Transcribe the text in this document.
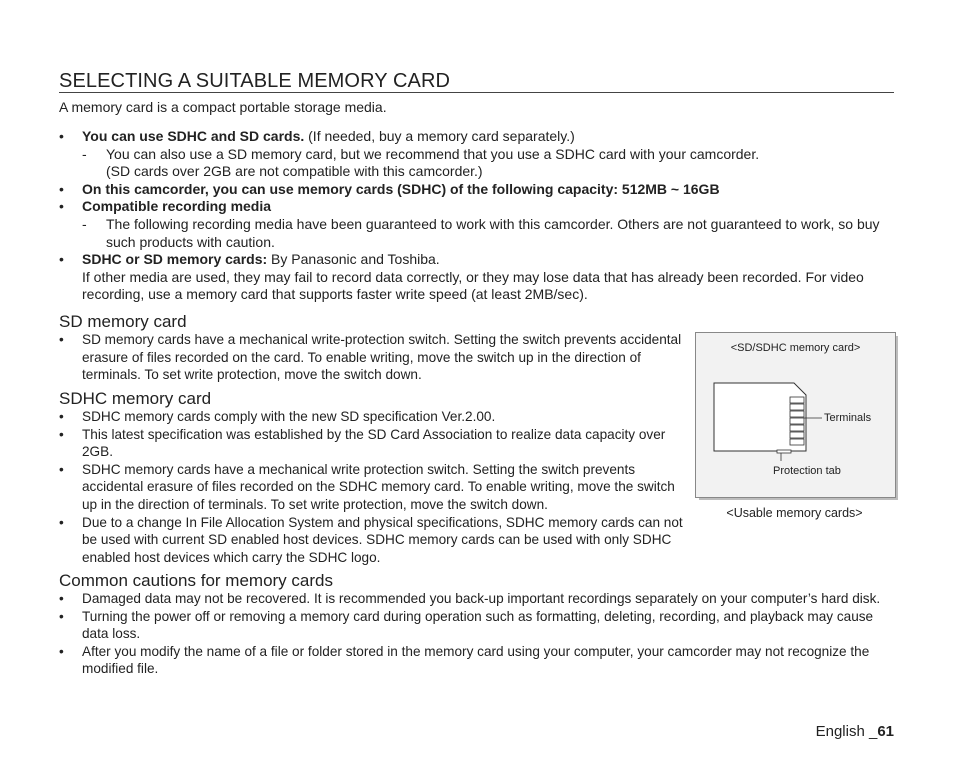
SELECTING A SUITABLE MEMORY CARD

A memory card is a compact portable storage media.

• You can use SDHC and SD cards. (If needed, buy a memory card separately.)
- You can also use a SD memory card, but we recommend that you use a SDHC card with your camcorder.
(SD cards over 2GB are not compatible with this camcorder.)
• On this camcorder, you can use memory cards (SDHC) of the following capacity: 512MB ~ 16GB
• Compatible recording media
- The following recording media have been guaranteed to work with this camcorder. Others are not guaranteed to work, so buy such products with caution.
• SDHC or SD memory cards: By Panasonic and Toshiba.
If other media are used, they may fail to record data correctly, or they may lose data that has already been recorded. For video recording, use a memory card that supports faster write speed (at least 2MB/sec).
SD memory card
• SD memory cards have a mechanical write-protection switch. Setting the switch prevents accidental erasure of files recorded on the card. To enable writing, move the switch up in the direction of terminals. To set write protection, move the switch down.
SDHC memory card
• SDHC memory cards comply with the new SD specification Ver.2.00.
• This latest specification was established by the SD Card Association to realize data capacity over 2GB.
• SDHC memory cards have a mechanical write protection switch. Setting the switch prevents accidental erasure of files recorded on the SDHC memory card. To enable writing, move the switch up in the direction of terminals. To set write protection, move the switch down.
• Due to a change In File Allocation System and physical specifications, SDHC memory cards can not be used with current SD enabled host devices. SDHC memory cards can be used with only SDHC enabled host devices which carry the SDHC logo.
<SD/SDHC memory card>
Terminals
Protection tab
<Usable memory cards>
Common cautions for memory cards
• Damaged data may not be recovered. It is recommended you back-up important recordings separately on your computer’s hard disk.
• Turning the power off or removing a memory card during operation such as formatting, deleting, recording, and playback may cause data loss.
• After you modify the name of a file or folder stored in the memory card using your computer, your camcorder may not recognize the modified file.
English _61
